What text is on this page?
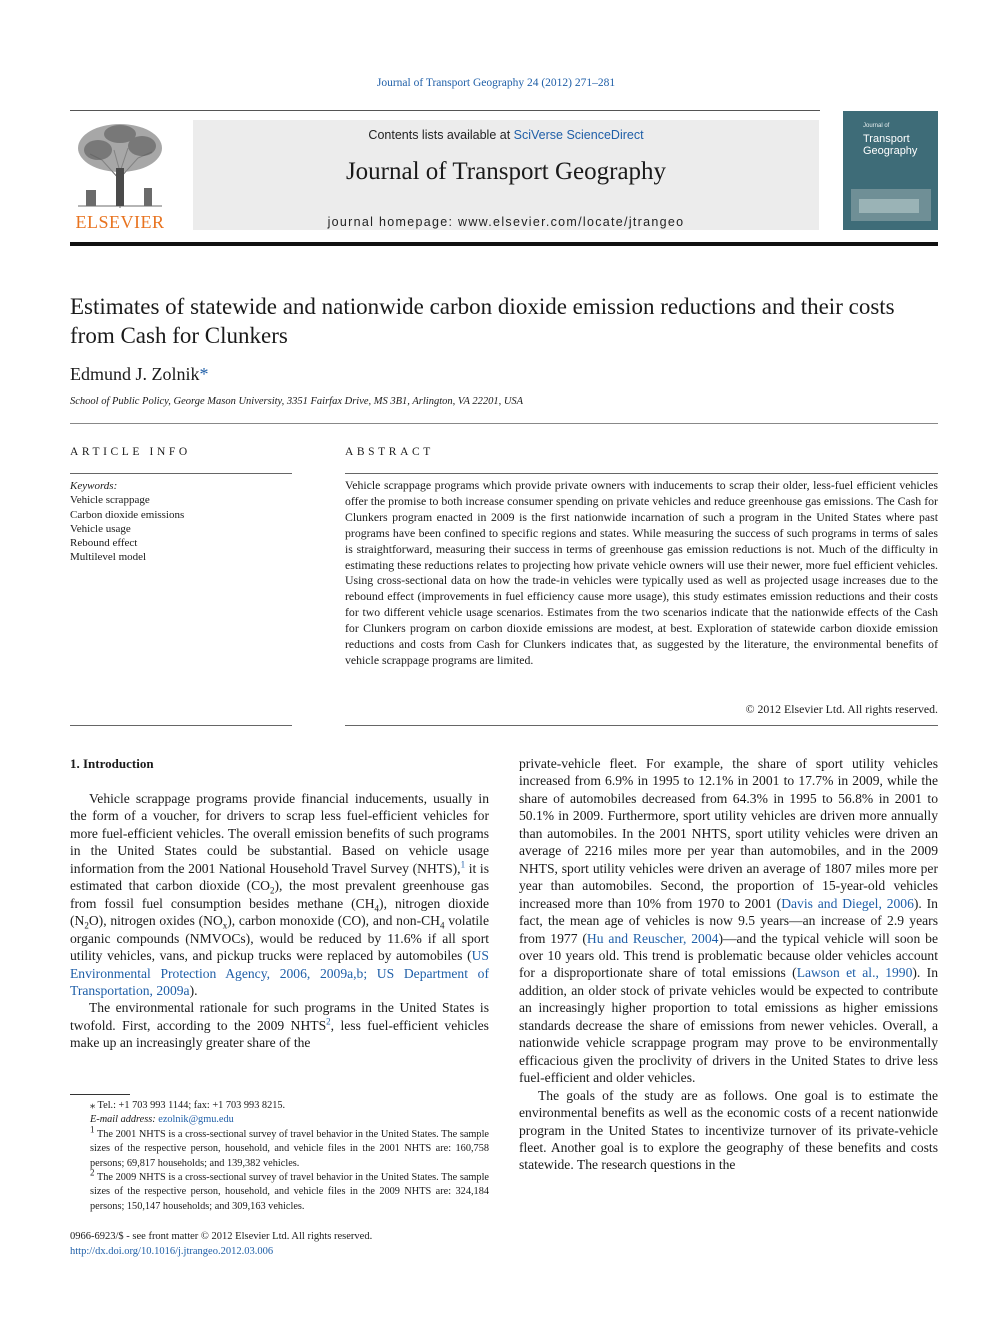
Journal of Transport Geography 24 (2012) 271–281
ELSEVIER
Contents lists available at SciVerse ScienceDirect
Journal of Transport Geography
journal homepage: www.elsevier.com/locate/jtrangeo
Journal of
Transport Geography
Estimates of statewide and nationwide carbon dioxide emission reductions and their costs from Cash for Clunkers
Edmund J. Zolnik*
School of Public Policy, George Mason University, 3351 Fairfax Drive, MS 3B1, Arlington, VA 22201, USA
ARTICLE INFO	ABSTRACT
Keywords:
Vehicle scrappage
Carbon dioxide emissions
Vehicle usage
Rebound effect
Multilevel model
Vehicle scrappage programs which provide private owners with inducements to scrap their older, less-fuel efficient vehicles offer the promise to both increase consumer spending on private vehicles and reduce greenhouse gas emissions. The Cash for Clunkers program enacted in 2009 is the first nationwide incarnation of such a program in the United States where past programs have been confined to specific regions and states. While measuring the success of such programs in terms of sales is straightforward, measuring their success in terms of greenhouse gas emission reductions is not. Much of the difficulty in estimating these reductions relates to projecting how private vehicle owners will use their newer, more fuel efficient vehicles. Using cross-sectional data on how the trade-in vehicles were typically used as well as projected usage increases due to the rebound effect (improvements in fuel efficiency cause more usage), this study estimates emission reductions and their costs for two different vehicle usage scenarios. Estimates from the two scenarios indicate that the nationwide effects of the Cash for Clunkers program on carbon dioxide emissions are modest, at best. Exploration of statewide carbon dioxide emission reductions and costs from Cash for Clunkers indicates that, as suggested by the literature, the environmental benefits of vehicle scrappage programs are limited.
© 2012 Elsevier Ltd. All rights reserved.
1. Introduction

Vehicle scrappage programs provide financial inducements, usually in the form of a voucher, for drivers to scrap less fuel-efficient vehicles for more fuel-efficient vehicles. The overall emission benefits of such programs in the United States could be substantial. Based on vehicle usage information from the 2001 National Household Travel Survey (NHTS),$^1$ it is estimated that carbon dioxide $(CO_2)$, the most prevalent greenhouse gas from fossil fuel consumption besides methane $(CH_4)$, nitrogen dioxide $(N_2O)$, nitrogen oxides $(NO_x)$, carbon monoxide (CO), and non-$CH_4$ volatile organic compounds (NMVOCs), would be reduced by 11.6% if all sport utility vehicles, vans, and pickup trucks were replaced by automobiles (US Environmental Protection Agency, 2006, 2009a,b; US Department of Transportation, 2009a).

The environmental rationale for such programs in the United States is twofold. First, according to the 2009 NHTS$^2$, less fuel-efficient vehicles make up an increasingly greater share of the

private-vehicle fleet. For example, the share of sport utility vehicles increased from 6.9% in 1995 to 12.1% in 2001 to 17.7% in 2009, while the share of automobiles decreased from 64.3% in 1995 to 56.8% in 2001 to 50.1% in 2009. Furthermore, sport utility vehicles are driven more annually than automobiles. In the 2001 NHTS, sport utility vehicles were driven an average of 2216 miles more per year than automobiles, and in the 2009 NHTS, sport utility vehicles were driven an average of 1807 miles more per year than automobiles. Second, the proportion of 15-year-old vehicles increased more than 10% from 1970 to 2001 (Davis and Diegel, 2006). In fact, the mean age of vehicles is now 9.5 years—an increase of 2.9 years from 1977 (Hu and Reuscher, 2004)—and the typical vehicle will soon be over 10 years old. This trend is problematic because older vehicles account for a disproportionate share of total emissions (Lawson et al., 1990). In addition, an older stock of private vehicles would be expected to contribute an increasingly higher proportion to total emissions as higher emissions standards decrease the share of emissions from newer vehicles. Overall, a nationwide vehicle scrappage program may prove to be environmentally efficacious given the proclivity of drivers in the United States to drive less fuel-efficient and older vehicles.

The goals of the study are as follows. One goal is to estimate the environmental benefits as well as the economic costs of a recent nationwide program in the United States to incentivize turnover of its private-vehicle fleet. Another goal is to explore the geography of these benefits and costs statewide. The research questions in the

⁎ Tel.: +1 703 993 1144; fax: +1 703 993 8215.
E-mail address: ezolnik@gmu.edu
$^1$ The 2001 NHTS is a cross-sectional survey of travel behavior in the United States. The sample sizes of the respective person, household, and vehicle files in the 2001 NHTS are: 160,758 persons; 69,817 households; and 139,382 vehicles.
$^2$ The 2009 NHTS is a cross-sectional survey of travel behavior in the United States. The sample sizes of the respective person, household, and vehicle files in the 2009 NHTS are: 324,184 persons; 150,147 households; and 309,163 vehicles.
0966-6923/$ - see front matter © 2012 Elsevier Ltd. All rights reserved.
http://dx.doi.org/10.1016/j.jtrangeo.2012.03.006
